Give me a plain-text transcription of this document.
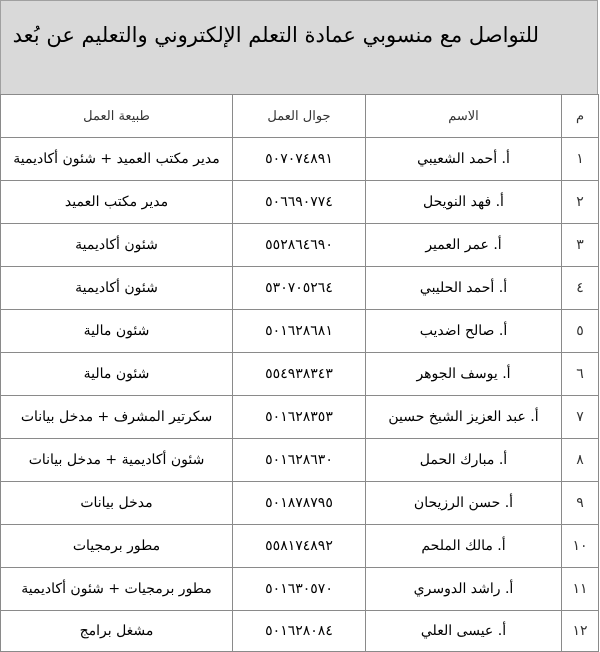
للتواصل مع منسوبي عمادة التعلم الإلكتروني والتعليم عن بُعد
م	الاسم	جوال العمل	طبيعة العمل
١	أ. أحمد الشعيبي	٥٠٧٠٧٤٨٩١	مدير مكتب العميد + شئون أكاديمية
٢	أ. فهد النويحل	٥٠٦٦٩٠٧٧٤	مدير مكتب العميد
٣	أ. عمر العمير	٥٥٢٨٦٤٦٩٠	شئون أكاديمية
٤	أ. أحمد الحليبي	٥٣٠٧٠٥٢٦٤	شئون أكاديمية
٥	أ. صالح اضديب	٥٠١٦٢٨٦٨١	شئون مالية
٦	أ. يوسف الجوهر	٥٥٤٩٣٨٣٤٣	شئون مالية
٧	أ. عبد العزيز الشيخ حسين	٥٠١٦٢٨٣٥٣	سكرتير المشرف + مدخل بيانات
٨	أ. مبارك الحمل	٥٠١٦٢٨٦٣٠	شئون أكاديمية + مدخل بيانات
٩	أ. حسن الرزيحان	٥٠١٨٧٨٧٩٥	مدخل بيانات
١٠	أ. مالك الملحم	٥٥٨١٧٤٨٩٢	مطور برمجيات
١١	أ. راشد الدوسري	٥٠١٦٣٠٥٧٠	مطور برمجيات + شئون أكاديمية
١٢	أ. عيسى العلي	٥٠١٦٢٨٠٨٤	مشغل برامج
